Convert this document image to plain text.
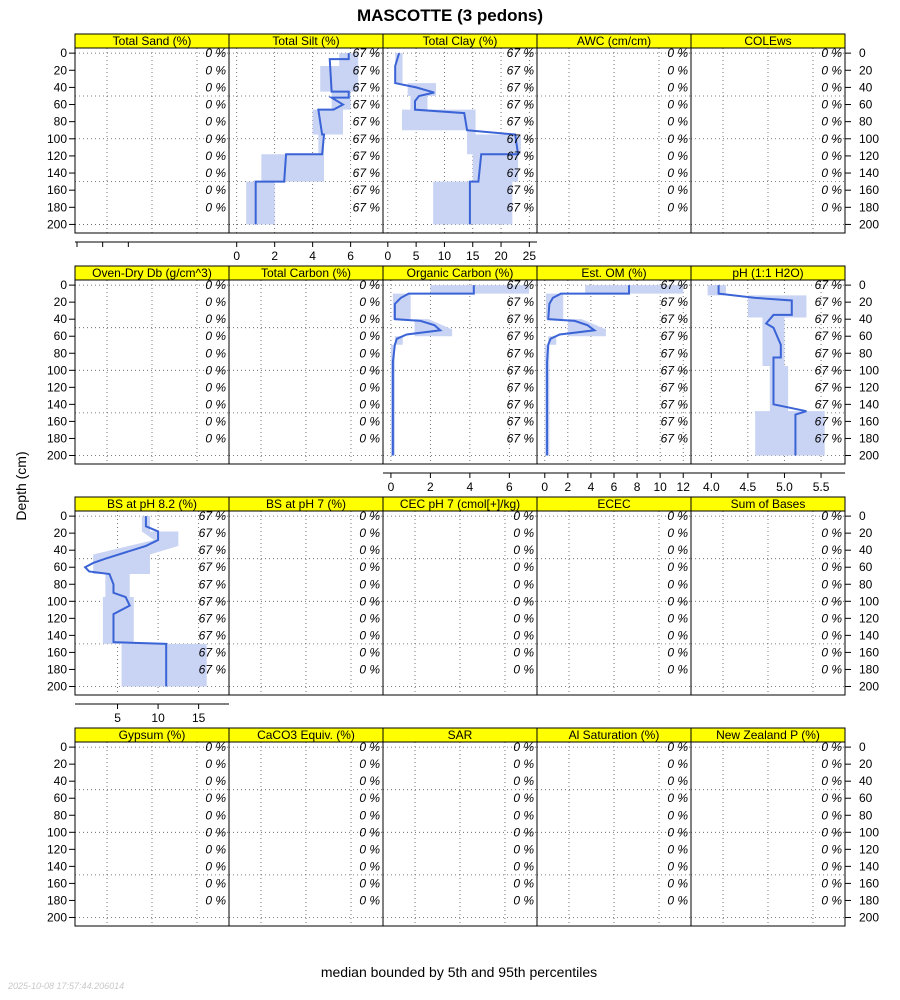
MASCOTTE (3 pedons)
median bounded by 5th and 95th percentiles
Depth (cm)
2025-10-08 17:57:44.206014
Total Sand (%)
0 %
0 %
0 %
0 %
0 %
0 %
0 %
0 %
0 %
0 %
Total Silt (%)
67 %
67 %
67 %
67 %
67 %
67 %
67 %
67 %
67 %
67 %
0	2	4	6
Total Clay (%)
67 %
67 %
67 %
67 %
67 %
67 %
67 %
67 %
67 %
67 %
0 5 10 15 20 25
AWC (cm/cm)
0 %
0 %
0 %
0 %
0 %
0 %
0 %
0 %
0 %
0 %
COLEws
0 %
0 %
0 %
0 %
0 %
0 %
0 %
0 %
0 %
0 %
0	0
20	20
40	40
60	60
80	80
100	100
120	120
140	140
160	160
180	180
200	200
Oven-Dry Db (g/cm^3)
0 %
0 %
0 %
0 %
0 %
0 %
0 %
0 %
0 %
0 %
Total Carbon (%)
0 %
0 %
0 %
0 %
0 %
0 %
0 %
0 %
0 %
0 %
Organic Carbon (%)
67 %
67 %
67 %
67 %
67 %
67 %
67 %
67 %
67 %
67 %
0	2	4	6
Est. OM (%)
67 %
67 %
67 %
67 %
67 %
67 %
67 %
67 %
67 %
67 %
0 2 4 6 8 10 12
pH (1:1 H2O)
67 %
67 %
67 %
67 %
67 %
67 %
67 %
67 %
67 %
67 %
4.0 4.5 5.0 5.5
0	0
20	20
40	40
60	60
80	80
100	100
120	120
140	140
160	160
180	180
200	200
BS at pH 8.2 (%)
67 %
67 %
67 %
67 %
67 %
67 %
67 %
67 %
67 %
67 %
5	10 15
BS at pH 7 (%)
0 %
0 %
0 %
0 %
0 %
0 %
0 %
0 %
0 %
0 %
CEC pH 7 (cmol[+]/kg)
0 %
0 %
0 %
0 %
0 %
0 %
0 %
0 %
0 %
0 %
ECEC
0 %
0 %
0 %
0 %
0 %
0 %
0 %
0 %
0 %
0 %
Sum of Bases
0 %
0 %
0 %
0 %
0 %
0 %
0 %
0 %
0 %
0 %
0	0
20	20
40	40
60	60
80	80
100	100
120	120
140	140
160	160
180	180
200	200
Gypsum (%)
0 %
0 %
0 %
0 %
0 %
0 %
0 %
0 %
0 %
0 %
CaCO3 Equiv. (%)
0 %
0 %
0 %
0 %
0 %
0 %
0 %
0 %
0 %
0 %
SAR
0 %
0 %
0 %
0 %
0 %
0 %
0 %
0 %
0 %
0 %
Al Saturation (%)
0 %
0 %
0 %
0 %
0 %
0 %
0 %
0 %
0 %
0 %
New Zealand P (%)
0 %
0 %
0 %
0 %
0 %
0 %
0 %
0 %
0 %
0 %
0	0
20	20
40	40
60	60
80	80
100	100
120	120
140	140
160	160
180	180
200	200
